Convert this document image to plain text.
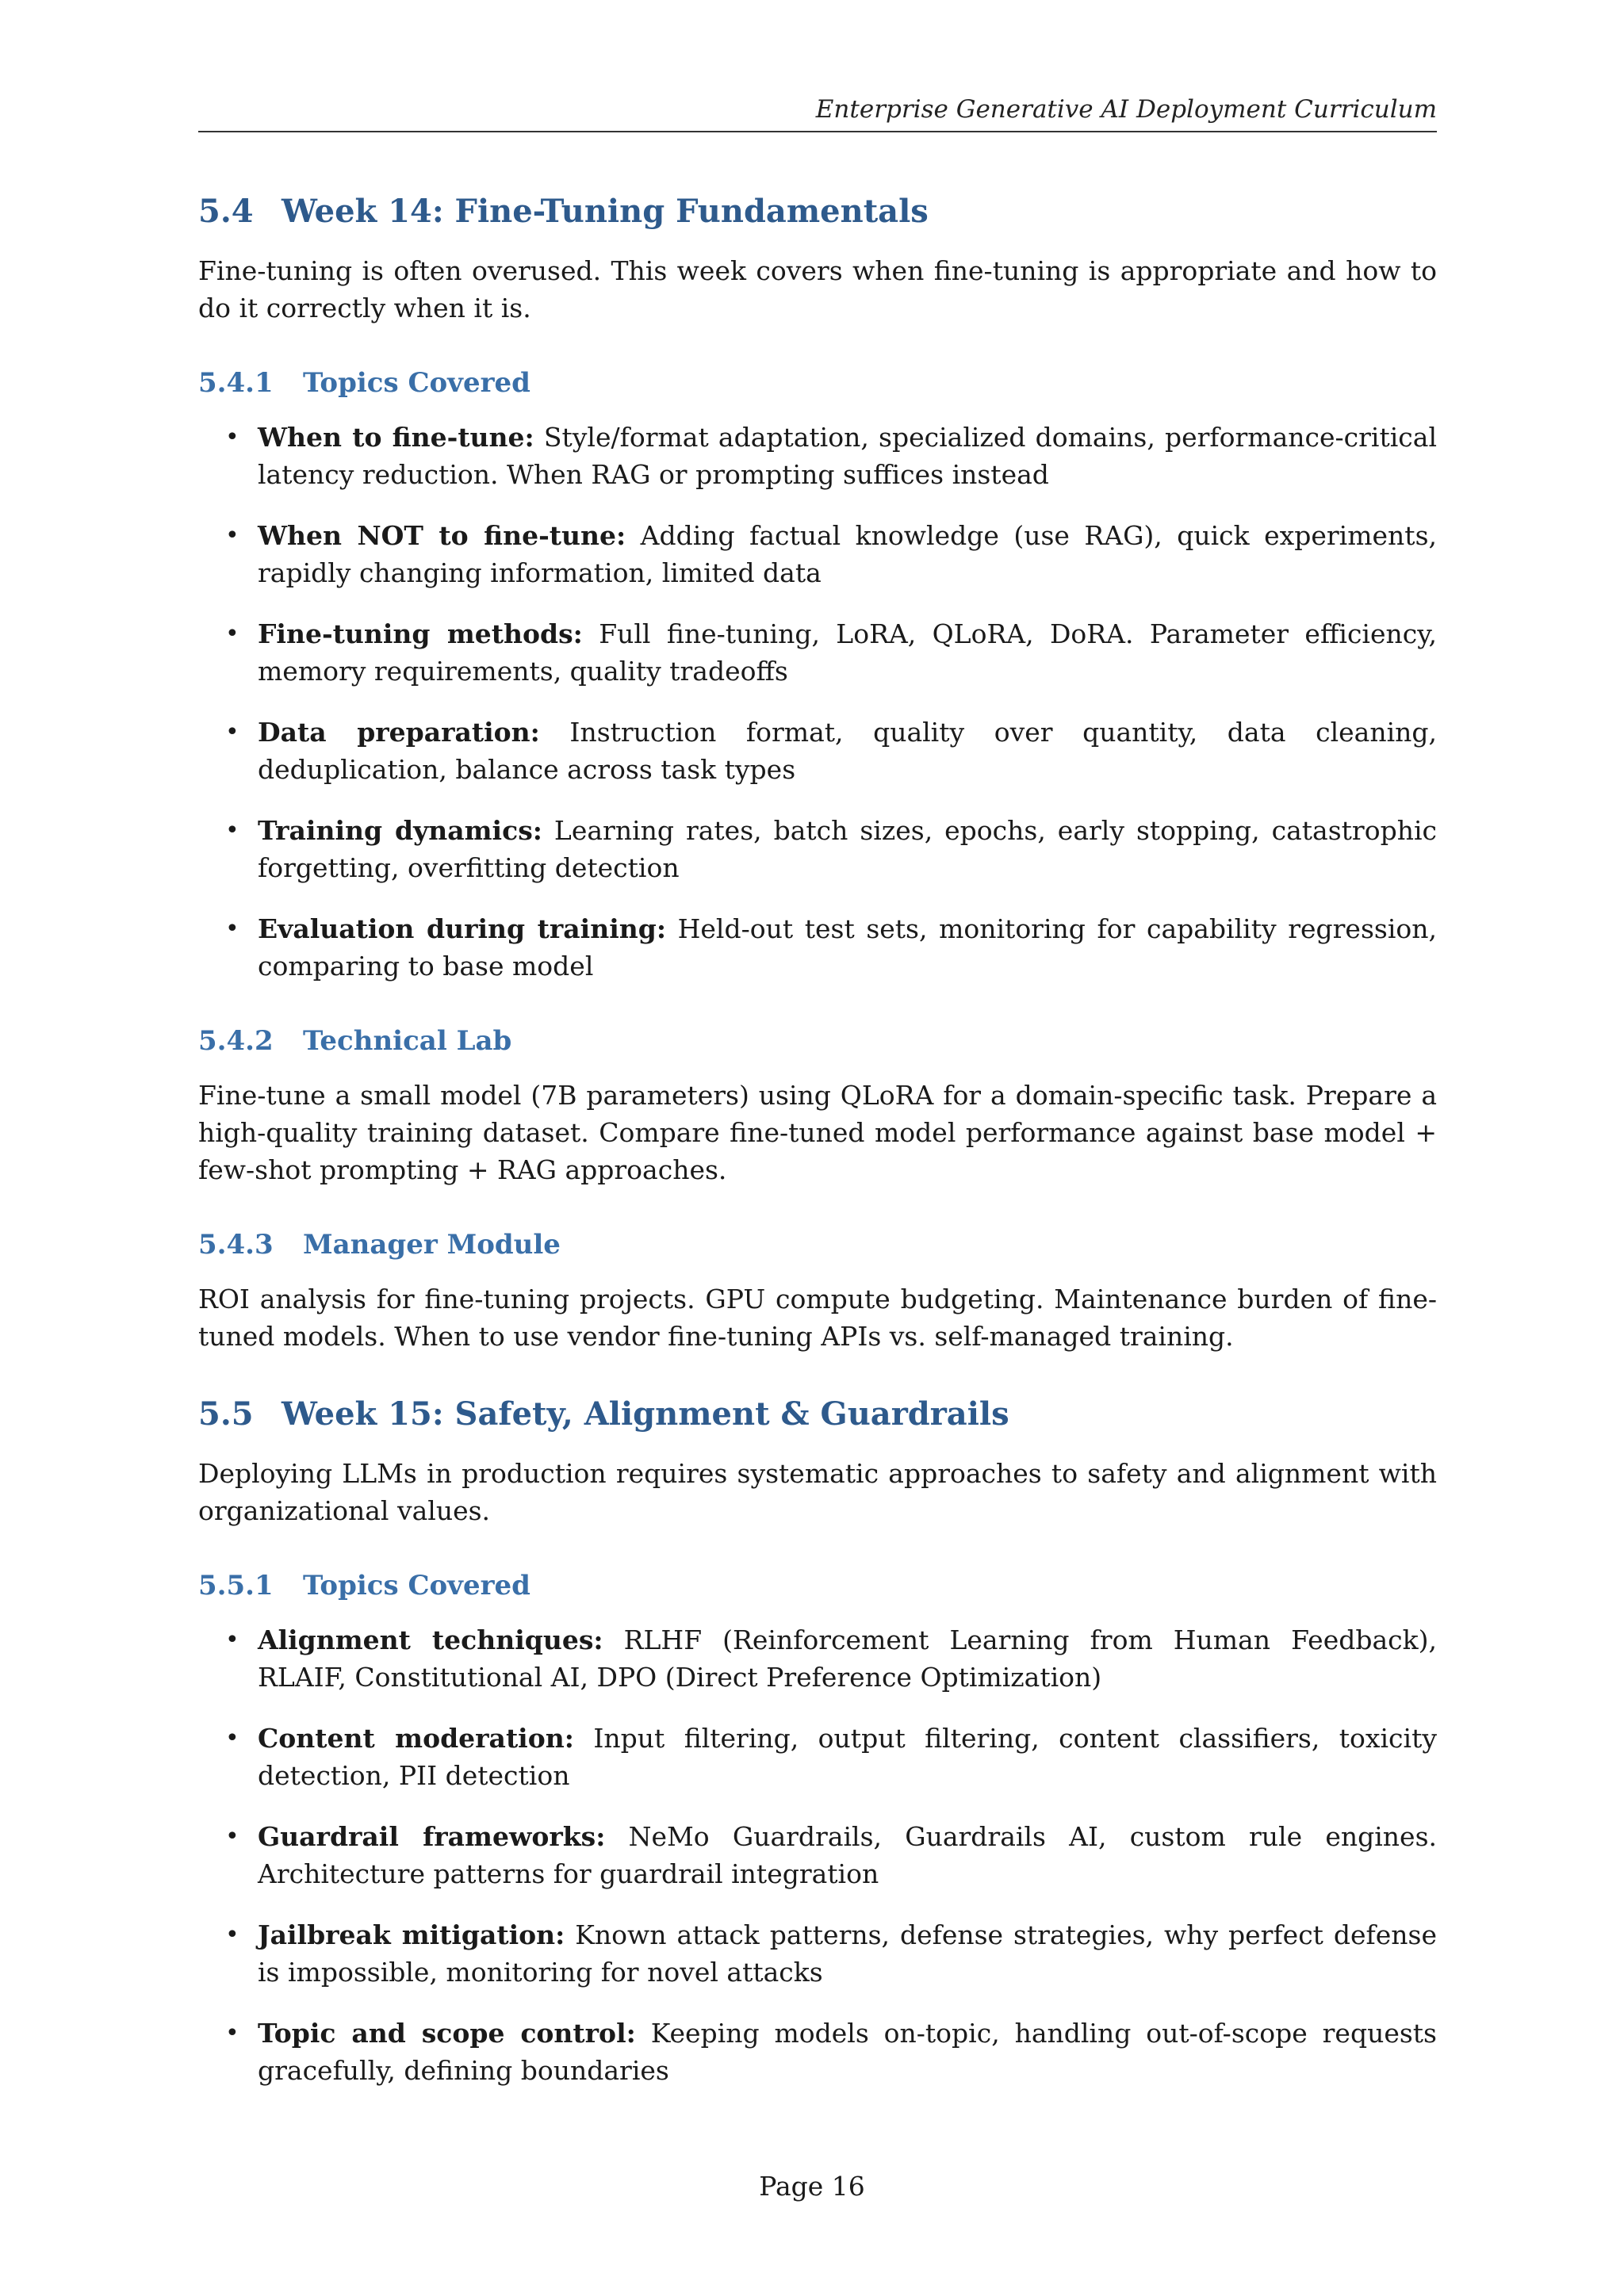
Enterprise Generative AI Deployment Curriculum
5.4 Week 14: Fine-Tuning Fundamentals

Fine-tuning is often overused. This week covers when fine-tuning is appropriate and how to do it correctly when it is.

5.4.1 Topics Covered
• When to fine-tune: Style/format adaptation, specialized domains, performance-critical latency reduction. When RAG or prompting suffices instead
• When NOT to fine-tune: Adding factual knowledge (use RAG), quick experiments, rapidly changing information, limited data
• Fine-tuning methods: Full fine-tuning, LoRA, QLoRA, DoRA. Parameter efficiency, memory requirements, quality tradeoffs
• Data preparation: Instruction format, quality over quantity, data cleaning, deduplication, balance across task types
• Training dynamics: Learning rates, batch sizes, epochs, early stopping, catastrophic forgetting, overfitting detection
• Evaluation during training: Held-out test sets, monitoring for capability regression, comparing to base model
5.4.2 Technical Lab

Fine-tune a small model (7B parameters) using QLoRA for a domain-specific task. Prepare a high-quality training dataset. Compare fine-tuned model performance against base model + few-shot prompting + RAG approaches.

5.4.3 Manager Module

ROI analysis for fine-tuning projects. GPU compute budgeting. Maintenance burden of fine-tuned models. When to use vendor fine-tuning APIs vs. self-managed training.

5.5 Week 15: Safety, Alignment & Guardrails

Deploying LLMs in production requires systematic approaches to safety and alignment with organizational values.

5.5.1 Topics Covered
• Alignment techniques: RLHF (Reinforcement Learning from Human Feedback), RLAIF, Constitutional AI, DPO (Direct Preference Optimization)
• Content moderation: Input filtering, output filtering, content classifiers, toxicity detection, PII detection
• Guardrail frameworks: NeMo Guardrails, Guardrails AI, custom rule engines. Architecture patterns for guardrail integration
• Jailbreak mitigation: Known attack patterns, defense strategies, why perfect defense is impossible, monitoring for novel attacks
• Topic and scope control: Keeping models on-topic, handling out-of-scope requests gracefully, defining boundaries
Page 16
